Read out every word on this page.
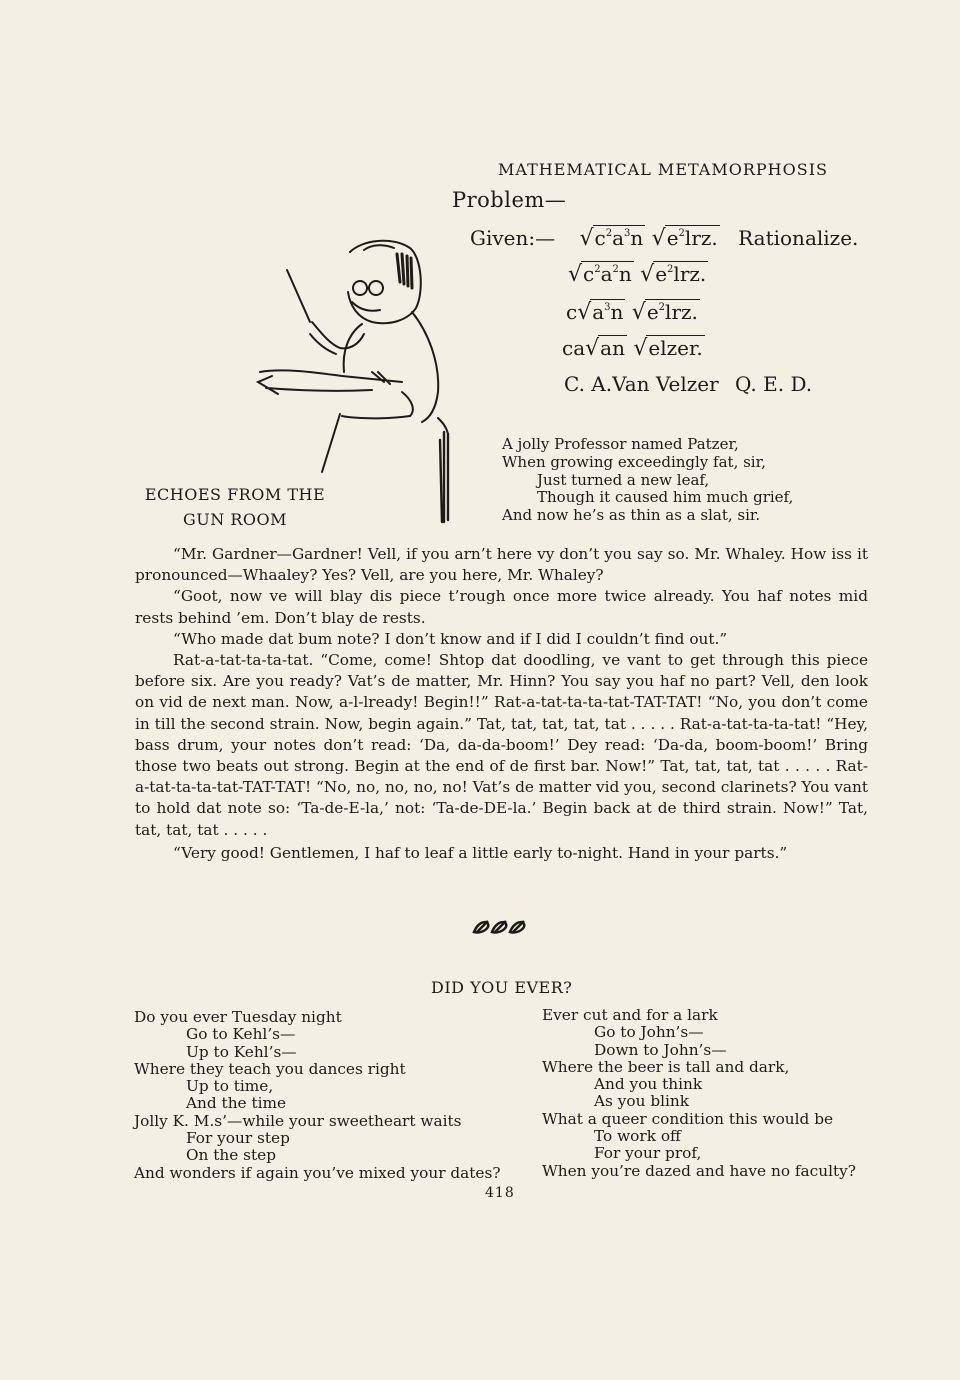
MATHEMATICAL METAMORPHOSIS
Problem—
Given:— $√c^2a^3n$ $√e^2lrz$. Rationalize.
$√c^2a^2n$ $√e^2lrz$.
$c√a^3n$ $√e^2lrz$.
ca√an √elzer.
C. A.Van Velzer Q. E. D.
ECHOES FROM THE
GUN ROOM
A jolly Professor named Patzer,
When growing exceedingly fat, sir,
Just turned a new leaf,
Though it caused him much grief,
And now he’s as thin as a slat, sir.

“Mr. Gardner—Gardner! Vell, if you arn’t here vy don’t you say so. Mr. Whaley. How iss it pronounced—Whaaley? Yes? Vell, are you here, Mr. Whaley?

“Goot, now ve will blay dis piece t’rough once more twice already. You haf notes mid rests behind ’em. Don’t blay de rests.

“Who made dat bum note? I don’t know and if I did I couldn’t find out.”

Rat-a-tat-ta-ta-tat. “Come, come! Shtop dat doodling, ve vant to get through this piece before six. Are you ready? Vat’s de matter, Mr. Hinn? You say you haf no part? Vell, den look on vid de next man. Now, a-l-lready! Begin!!” Rat-a-tat-ta-ta-tat-TAT-TAT! “No, you don’t come in till the second strain. Now, begin again.” Tat, tat, tat, tat, tat . . . . . Rat-a-tat-ta-ta-tat! “Hey, bass drum, your notes don’t read: ‘Da, da-da-boom!’ Dey read: ‘Da-da, boom-boom!’ Bring those two beats out strong. Begin at the end of de first bar. Now!” Tat, tat, tat, tat . . . . . Rat-a-tat-ta-ta-tat-TAT-TAT! “No, no, no, no, no! Vat’s de matter vid you, second clarinets? You vant to hold dat note so: ‘Ta-de-E-la,’ not: ‘Ta-de-DE-la.’ Begin back at de third strain. Now!” Tat, tat, tat, tat . . . . .

“Very good! Gentlemen, I haf to leaf a little early to-night. Hand in your parts.”

DID YOU EVER?
Do you ever Tuesday night
Go to Kehl’s—
Up to Kehl’s—
Where they teach you dances right
Up to time,
And the time
Jolly K. M.s’—while your sweetheart waits
For your step
On the step
And wonders if again you’ve mixed your dates?
Ever cut and for a lark
Go to John’s—
Down to John’s—
Where the beer is tall and dark,
And you think
As you blink
What a queer condition this would be
To work off
For your prof,
When you’re dazed and have no faculty?
418
